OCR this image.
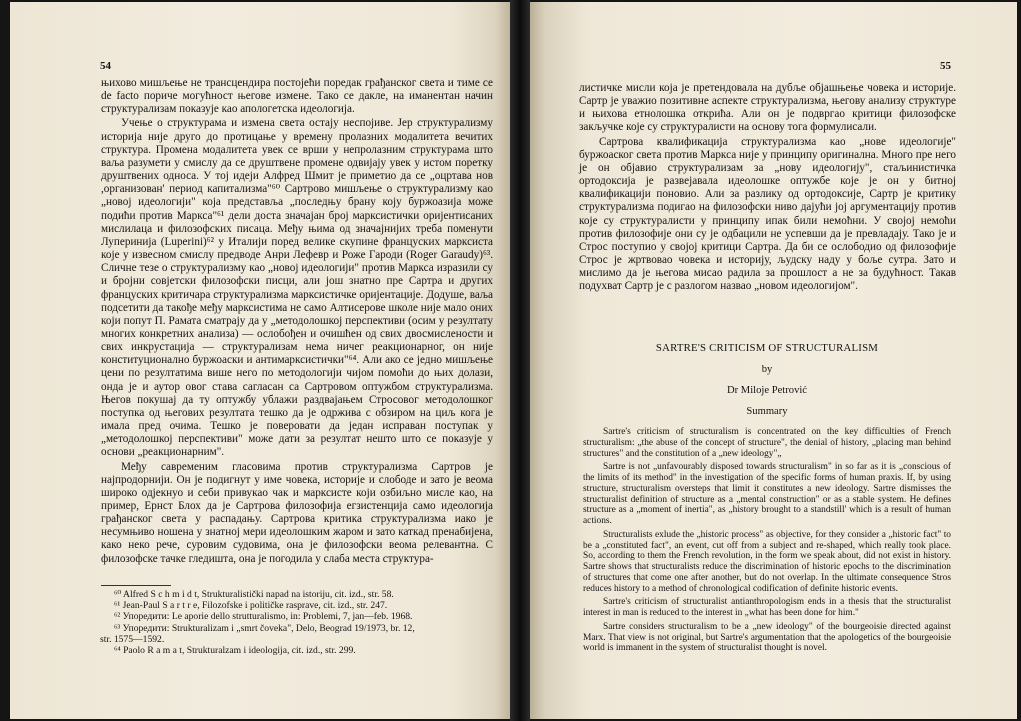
54

њихово мишљење не трансцендира постојећи поредак грађанског света и тиме се de facto пориче могућност његове измене. Тако се дакле, на иманентан начин структурализам показује као апологетска идеологија.

Учење о структурама и измена света остају неспојиве. Јер структурализму историја није друго до протицање у времену пролазних модалитета вечитих структура. Промена модалитета увек се врши у непролазним структурама што ваља разумети у смислу да се друштвене промене одвијају увек у истом поретку друштвених односа. У тој идеји Алфред Шмит је приметио да се „оцртава нов ,организован' период капитализма"⁶⁰ Сартрово мишљење о структурализму као „новој идеологији" која представља „последњу брану коју буржоазија може подићи против Маркса"⁶¹ дели доста значајан број марксистички оријентисаних мислилаца и филозофских писаца. Међу њима од значајнијих треба поменути Луперинија (Luperini)⁶² у Италији поред велике скупине француских марксиста које у извесном смислу предводе Анри Лефевр и Роже Гароди (Roger Garaudy)⁶³. Сличне тезе о структурализму као „новој идеологији" против Маркса изразили су и бројни совјетски филозофски писци, али још знатно пре Сартра и других француских критичара структурализма марксистичке оријентације. Додуше, ваља подсетити да такође међу марксистима не само Алтисерове школе није мало оних који попут П. Рамата сматрају да у „методолошкој перспективи (осим у резултату многих конкретних анализа) — ослобођен и очишћен од свих двосмислености и свих инкрустација — структурализам нема ничег реакционарног, он није конституционално буржоаски и антимарксистички"⁶⁴. Али ако се једно мишљење цени по резултатима више него по методологији чијом помоћи до њих долази, онда је и аутор овог става сагласан са Сартровом оптужбом структурализма. Његов покушај да ту оптужбу ублажи раздвајањем Стросовог методолошког поступка од његових резултата тешко да је одржива с обзиром на циљ кога је имала пред очима. Тешко је поверовати да један исправан поступак у „методолошкој перспективи" може дати за резултат нешто што се показује у основи „реакционарним".

Међу савременим гласовима против структурализма Сартров је најпродорнији. Он је подигнут у име човека, историје и слободе и зато је веома широко одјекнуо и себи привукао чак и марксисте који озбиљно мисле као, на пример, Ернст Блох да је Сартрова филозофија егзистенција само идеологија грађанског света у распадању. Сартрова критика структурализма иако је несумњиво ношена у знатној мери идеолошким жаром и зато каткад пренабијена, како неко рече, суровим судовима, она је филозофски веома релевантна. С филозофске тачке гледишта, она је погодила у слаба места структура-

⁶⁰ Alfred S c h m i d t, Strukturalistički napad na istoriju, cit. izd., str. 58.
⁶¹ Jean-Paul S a r t r e, Filozofske i političke rasprave, cit. izd., str. 247.
⁶² Упоредити: Le aporie dello strutturalismo, in: Problemi, 7, jan—feb. 1968.
⁶³ Упоредити: Strukturalizam i „smrt čoveka", Delo, Beograd 19/1973, br. 12,
str. 1575—1592.
⁶⁴ Paolo R a m a t, Strukturalzam i ideologija, cit. izd., str. 299.
55

листичке мисли која је претендовала на дубље објашњење човека и историје. Сартр је уважио позитивне аспекте структурализма, његову анализу структуре и њихова етнолошка открића. Али он је подвргао критици филозофске закључке које су структуралисти на основу тога формулисали.

Сартрова квалификација структурализма као „нове идеологије" буржоаског света против Маркса није у принципу оригинална. Много пре него је он објавио структурализам за „нову идеологију", стаљинистичка ортодоксија је развејавала идеолошке оптужбе које је он у битној квалификацији поновио. Али за разлику од ортодоксије, Сартр је критику структурализма подигао на филозофски ниво дајући јој аргументацију против које су структуралисти у принципу ипак били немоћни. У својој немоћи против филозофије они су је одбацили не успевши да је превладају. Тако је и Строс поступио у својој критици Сартра. Да би се ослободио од филозофије Строс је жртвовао човека и историју, људску наду у боље сутра. Зато и мислимо да је његова мисао радила за прошлост а не за будућност. Такав подухват Сартр је с разлогом назвао „новом идеологијом".

SARTRE'S CRITICISM OF STRUCTURALISM
by
Dr Miloje Petrović
Summary

Sartre's criticism of structuralism is concentrated on the key difficulties of French structuralism: „the abuse of the concept of structure", the denial of history, „placing man behind structures" and the constitution of a „new ideology"„

Sartre is not „unfavourably disposed towards structuralism" in so far as it is „conscious of the limits of its method" in the investigation of the specific forms of human praxis. If, by using structure, structuralism oversteps that limit it constitutes a new ideology. Sartre dismisses the structuralist definition of structure as a „mental construction" or as a stable system. He defines structure as a „moment of inertia", as „history brought to a standstill' which is a result of human actions.

Structuralists exlude the „historic process" as objective, for they consider a „historic fact" to be a „constituted fact", an event, cut off from a subject and re-shaped, which really took place. So, according to them the French revolution, in the form we speak about, did not exist in history. Sartre shows that structuralists reduce the discrimination of historic epochs to the discrimination of structures that come one after another, but do not overlap. In the ultimate consequence Stros reduces history to a method of chronological codification of definite historic events.

Sartre's criticism of structuralist antianthropologism ends in a thesis that the structuralist interest in man is reduced to the interest in „what has been done for him."

Sartre considers structuralism to be a „new ideology" of the bourgeoisie directed against Marx. That view is not original, but Sartre's argumentation that the apologetics of the bourgeoisie world is immanent in the system of structuralist thought is novel.
